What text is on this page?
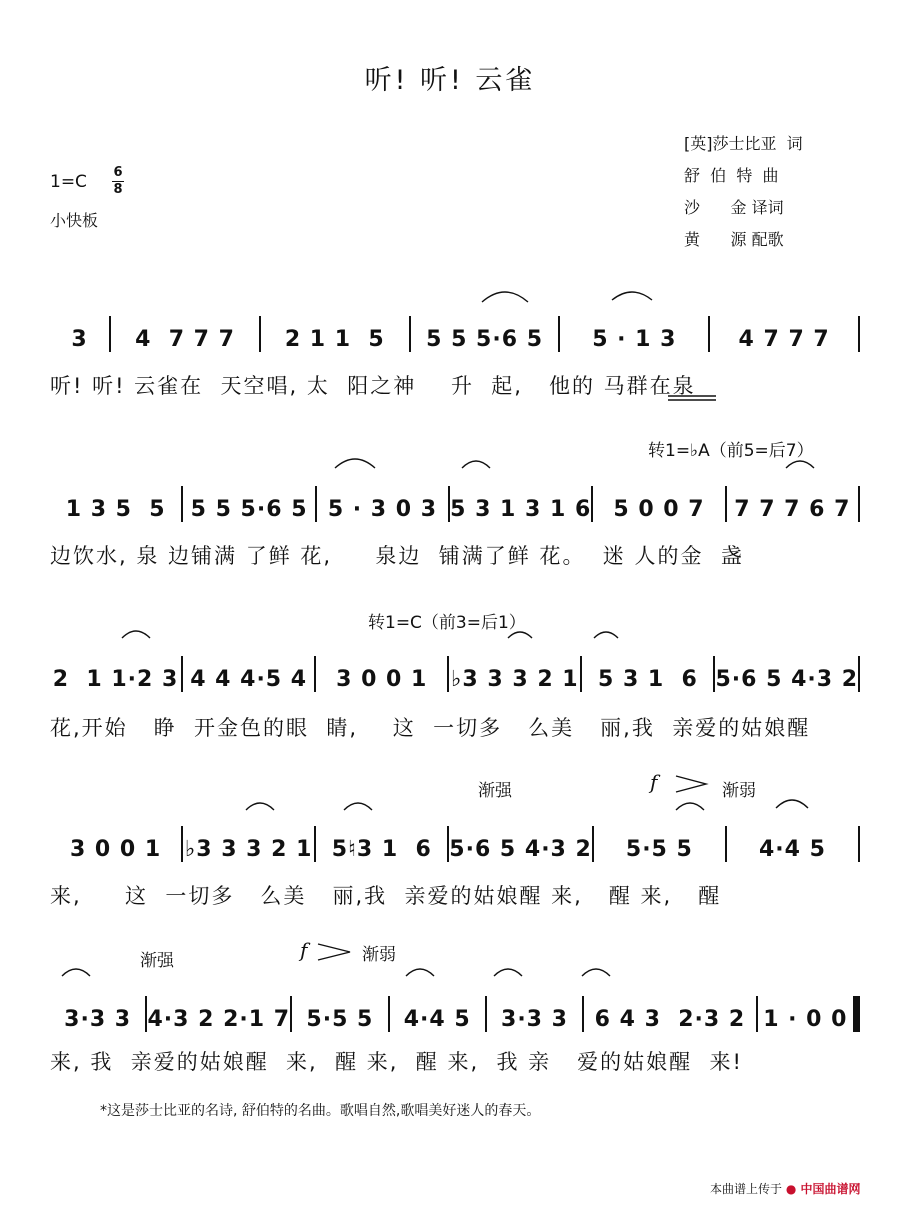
听! 听! 云雀
1=C 6
8
小快板
[英]莎士比亚  词
舒  伯  特  曲
沙      金 译词
黄      源 配歌
3	4  7 7 7	2 1 1  5	5 5 5·6 5	5 · 1 3	4 7 7 7
听! 听! 云雀在  天空唱, 太  阳之神    升  起,   他的 马群在泉
转1=♭A（前5=后7）
1 3 5  5	5 5 5·6 5 5 · 3 0 3 5 3 1 3 1 6	5 0 0 7	7 7 7 6 7
边饮水, 泉 边铺满 了鲜 花,     泉边  铺满了鲜 花。  迷 人的金  盏
转1=C（前3=后1）
2  1 1·2 3 4 4 4·5 4	3 0 0 1	♭3 3 3 2 1 5 3 1  6 5·6 5 4·3 2
花,开始   睁  开金色的眼  睛,    这  一切多   么美   丽,我  亲爱的姑娘醒
渐强	f	渐弱
3 0 0 1	♭3 3 3 2 1 5♮3 1  6 5·6 5 4·3 2	5·5 5	4·4 5
来,     这  一切多   么美   丽,我  亲爱的姑娘醒 来,   醒 来,   醒
渐强	f	渐弱
3·3 3 4·3 2 2·1 7 5·5 5	4·4 5	3·3 3	6 4 3  2·3 2 1 · 0 0
来, 我  亲爱的姑娘醒  来,  醒 来,  醒 来,  我 亲   爱的姑娘醒  来!
*这是莎士比亚的名诗, 舒伯特的名曲。歌唱自然,歌唱美好迷人的春天。
本曲谱上传于 ● 中国曲谱网
